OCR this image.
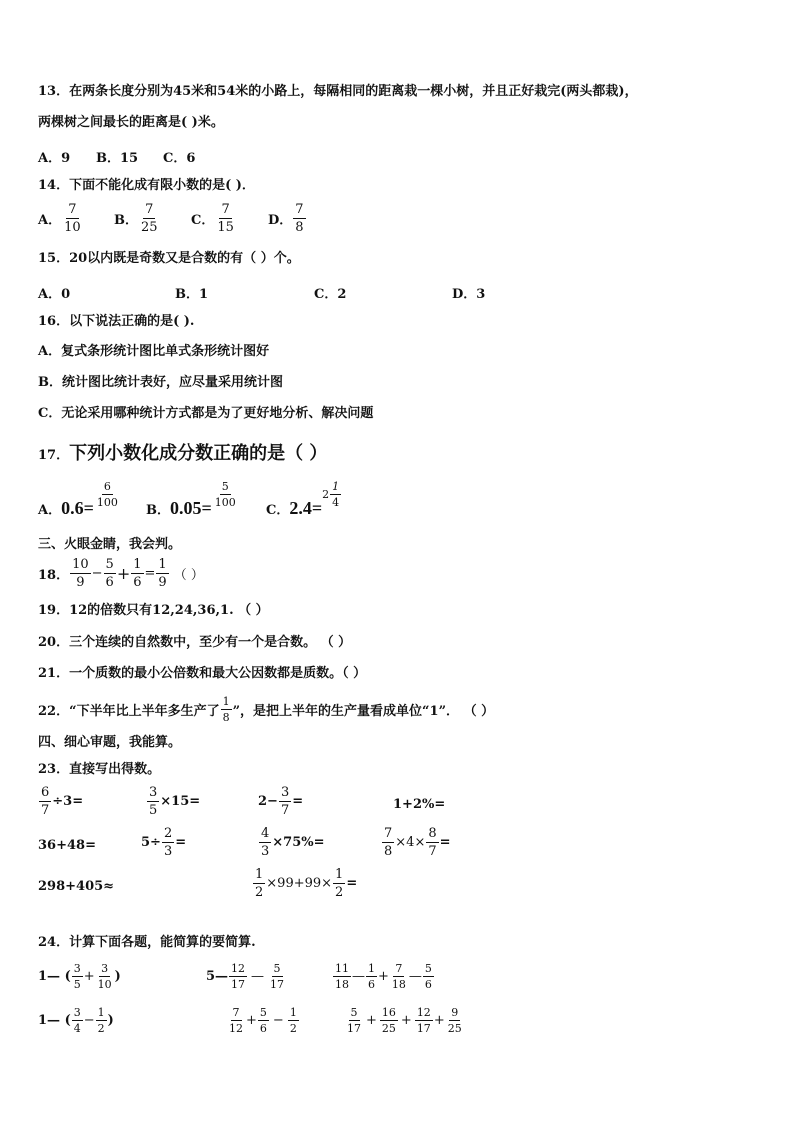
13．在两条长度分别为45米和54米的小路上，每隔相同的距离栽一棵小树，并且正好栽完(两头都栽)，
两棵树之间最长的距离是( )米。
A．9 B．15 C．6
14．下面不能化成有限小数的是( )．
A． $\frac{7}{10}$ B． $\frac{7}{25}$ C． $\frac{7}{15}$ D． $\frac{7}{8}$
15．20以内既是奇数又是合数的有（ ）个。
A．0	B．1	C．2	D．3
16．以下说法正确的是( ).
A．复式条形统计图比单式条形统计图好
B．统计图比统计表好，应尽量采用统计图
C．无论采用哪种统计方式都是为了更好地分析、解决问题
17．下列小数化成分数正确的是（ ）
A． $0.6= \frac{6}{100}$
B． $0.05= \frac{5}{100}$
C． 2.4=
$2 \frac{1}{4}$
三、火眼金睛，我会判。
18． $\frac{10}{9} - \frac{5}{6} + \frac{1}{6} = \frac{1}{9}$ （ ）
19．12的倍数只有12,24,36,1. （ ）
20．三个连续的自然数中，至少有一个是合数。 （ ）
21．一个质数的最小公倍数和最大公因数都是质数。（ ）
22．“下半年比上半年多生产了 $\frac{1}{8}$ ”，是把上半年的生产量看成单位“1”． （ ）
四、细心审题，我能算。
23．直接写出得数。
$\frac{6}{7} \div 3=$	$\frac{3}{5} \times 15=$	$2- \frac{3}{7}$ =	1+2%=
36+48=	$5\div \frac{2}{3}$ =	$\frac{4}{3} \times 75\%=$	$\frac{7}{8} \times 4\times \frac{8}{7}$ =
298+405≈	$\frac{1}{2} \times 99+99\times \frac{1}{2}$ =
24．计算下面各题，能简算的要简算.
1— ( $\frac{3}{5} + \frac{3}{10}$ )	5— $\frac{12}{17}$ — $\frac{5}{17}$	$\frac{11}{18}$ — $\frac{1}{6} + \frac{7}{18}$ — $\frac{5}{6}$
1— ( $\frac{3}{4} - \frac{1}{2}$ )	$\frac{7}{12} + \frac{5}{6} - \frac{1}{2}$	$\frac{5}{17} + \frac{16}{25} + \frac{12}{17} + \frac{9}{25}$
